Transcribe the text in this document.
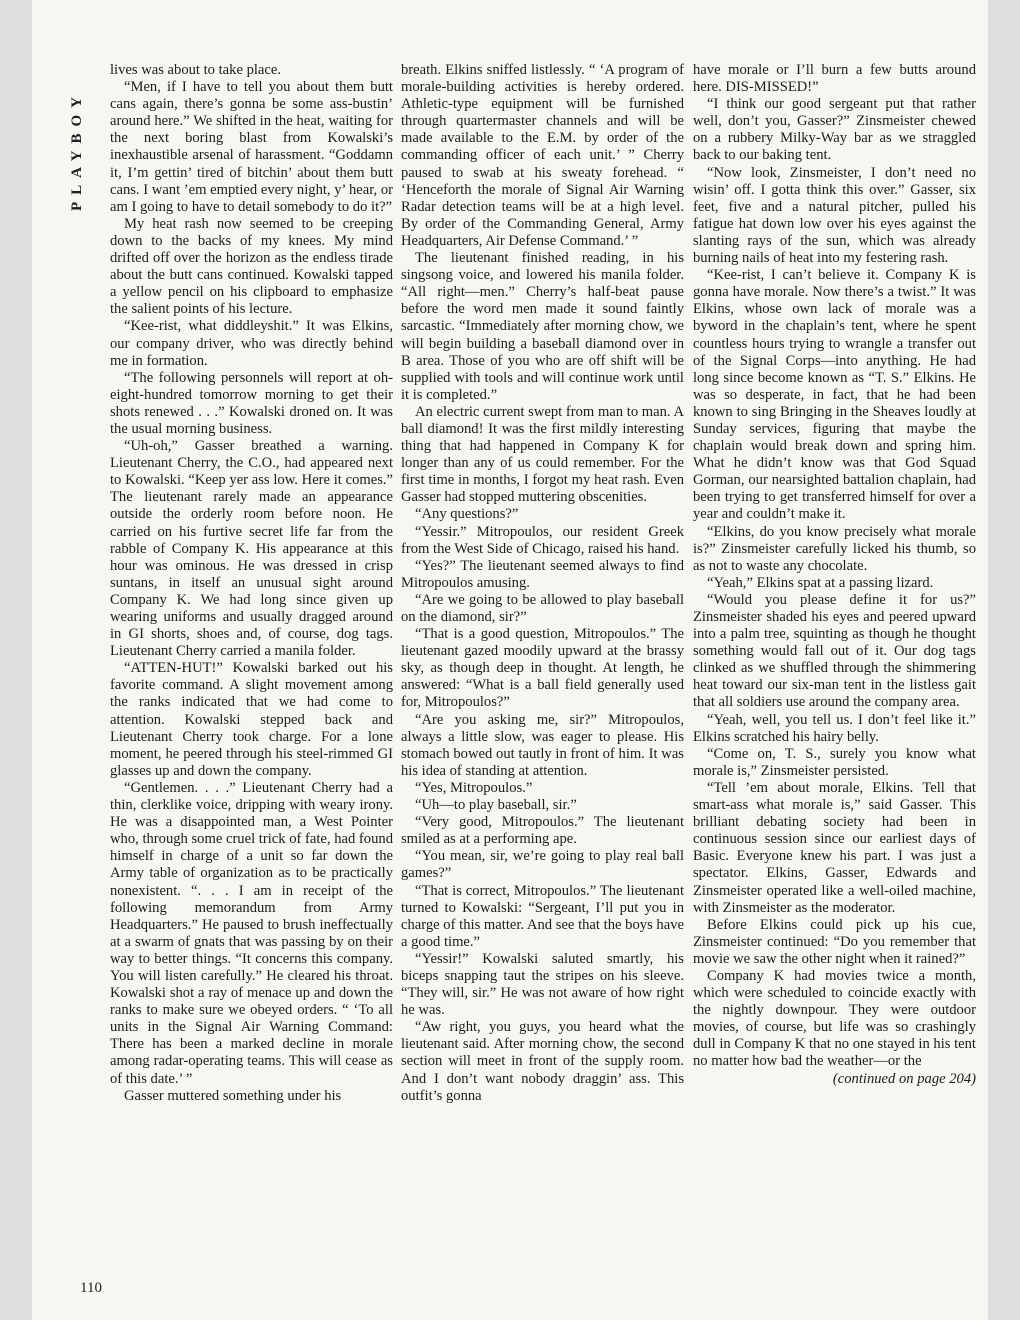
PLAYBOY

lives was about to take place.

“Men, if I have to tell you about them butt cans again, there’s gonna be some ass-bustin’ around here.” We shifted in the heat, waiting for the next boring blast from Kowalski’s inexhaustible arsenal of harassment. “Goddamn it, I’m gettin’ tired of bitchin’ about them butt cans. I want ’em emptied every night, y’ hear, or am I going to have to detail somebody to do it?”

My heat rash now seemed to be creeping down to the backs of my knees. My mind drifted off over the horizon as the endless tirade about the butt cans continued. Kowalski tapped a yellow pencil on his clipboard to emphasize the salient points of his lecture.

“Kee-rist, what diddleyshit.” It was Elkins, our company driver, who was directly behind me in formation.

“The following personnels will report at oh-eight-hundred tomorrow morning to get their shots renewed . . .” Kowalski droned on. It was the usual morning business.

“Uh-oh,” Gasser breathed a warning. Lieutenant Cherry, the C.O., had appeared next to Kowalski. “Keep yer ass low. Here it comes.” The lieutenant rarely made an appearance outside the orderly room before noon. He carried on his furtive secret life far from the rabble of Company K. His appearance at this hour was ominous. He was dressed in crisp suntans, in itself an unusual sight around Company K. We had long since given up wearing uniforms and usually dragged around in GI shorts, shoes and, of course, dog tags. Lieutenant Cherry carried a manila folder.

“ATTEN-HUT!” Kowalski barked out his favorite command. A slight movement among the ranks indicated that we had come to attention. Kowalski stepped back and Lieutenant Cherry took charge. For a lone moment, he peered through his steel-rimmed GI glasses up and down the company.

“Gentlemen. . . .” Lieutenant Cherry had a thin, clerklike voice, dripping with weary irony. He was a disappointed man, a West Pointer who, through some cruel trick of fate, had found himself in charge of a unit so far down the Army table of organization as to be practically nonexistent. “. . . I am in receipt of the following memorandum from Army Headquarters.” He paused to brush ineffectually at a swarm of gnats that was passing by on their way to better things. “It concerns this company. You will listen carefully.” He cleared his throat. Kowalski shot a ray of menace up and down the ranks to make sure we obeyed orders. “ ‘To all units in the Signal Air Warning Command: There has been a marked decline in morale among radar-operating teams. This will cease as of this date.’ ”

Gasser muttered something under his

breath. Elkins sniffed listlessly. “ ‘A program of morale-building activities is hereby ordered. Athletic-type equipment will be furnished through quartermaster channels and will be made available to the E.M. by order of the commanding officer of each unit.’ ” Cherry paused to swab at his sweaty forehead. “ ‘Henceforth the morale of Signal Air Warning Radar detection teams will be at a high level. By order of the Commanding General, Army Headquarters, Air Defense Command.’ ”

The lieutenant finished reading, in his singsong voice, and lowered his manila folder. “All right—men.” Cherry’s half-beat pause before the word men made it sound faintly sarcastic. “Immediately after morning chow, we will begin building a baseball diamond over in B area. Those of you who are off shift will be supplied with tools and will continue work until it is completed.”

An electric current swept from man to man. A ball diamond! It was the first mildly interesting thing that had happened in Company K for longer than any of us could remember. For the first time in months, I forgot my heat rash. Even Gasser had stopped muttering obscenities.

“Any questions?”

“Yessir.” Mitropoulos, our resident Greek from the West Side of Chicago, raised his hand.

“Yes?” The lieutenant seemed always to find Mitropoulos amusing.

“Are we going to be allowed to play baseball on the diamond, sir?”

“That is a good question, Mitropoulos.” The lieutenant gazed moodily upward at the brassy sky, as though deep in thought. At length, he answered: “What is a ball field generally used for, Mitropoulos?”

“Are you asking me, sir?” Mitropoulos, always a little slow, was eager to please. His stomach bowed out tautly in front of him. It was his idea of standing at attention.

“Yes, Mitropoulos.”

“Uh—to play baseball, sir.”

“Very good, Mitropoulos.” The lieutenant smiled as at a performing ape.

“You mean, sir, we’re going to play real ball games?”

“That is correct, Mitropoulos.” The lieutenant turned to Kowalski: “Sergeant, I’ll put you in charge of this matter. And see that the boys have a good time.”

“Yessir!” Kowalski saluted smartly, his biceps snapping taut the stripes on his sleeve. “They will, sir.” He was not aware of how right he was.

“Aw right, you guys, you heard what the lieutenant said. After morning chow, the second section will meet in front of the supply room. And I don’t want nobody draggin’ ass. This outfit’s gonna

have morale or I’ll burn a few butts around here. DIS-MISSED!”

“I think our good sergeant put that rather well, don’t you, Gasser?” Zinsmeister chewed on a rubbery Milky-Way bar as we straggled back to our baking tent.

“Now look, Zinsmeister, I don’t need no wisin’ off. I gotta think this over.” Gasser, six feet, five and a natural pitcher, pulled his fatigue hat down low over his eyes against the slanting rays of the sun, which was already burning nails of heat into my festering rash.

“Kee-rist, I can’t believe it. Company K is gonna have morale. Now there’s a twist.” It was Elkins, whose own lack of morale was a byword in the chaplain’s tent, where he spent countless hours trying to wrangle a transfer out of the Signal Corps—into anything. He had long since become known as “T. S.” Elkins. He was so desperate, in fact, that he had been known to sing Bringing in the Sheaves loudly at Sunday services, figuring that maybe the chaplain would break down and spring him. What he didn’t know was that God Squad Gorman, our nearsighted battalion chaplain, had been trying to get transferred himself for over a year and couldn’t make it.

“Elkins, do you know precisely what morale is?” Zinsmeister carefully licked his thumb, so as not to waste any chocolate.

“Yeah,” Elkins spat at a passing lizard.

“Would you please define it for us?” Zinsmeister shaded his eyes and peered upward into a palm tree, squinting as though he thought something would fall out of it. Our dog tags clinked as we shuffled through the shimmering heat toward our six-man tent in the listless gait that all soldiers use around the company area.

“Yeah, well, you tell us. I don’t feel like it.” Elkins scratched his hairy belly.

“Come on, T. S., surely you know what morale is,” Zinsmeister persisted.

“Tell ’em about morale, Elkins. Tell that smart-ass what morale is,” said Gasser. This brilliant debating society had been in continuous session since our earliest days of Basic. Everyone knew his part. I was just a spectator. Elkins, Gasser, Edwards and Zinsmeister operated like a well-oiled machine, with Zinsmeister as the moderator.

Before Elkins could pick up his cue, Zinsmeister continued: “Do you remember that movie we saw the other night when it rained?”

Company K had movies twice a month, which were scheduled to coincide exactly with the nightly downpour. They were outdoor movies, of course, but life was so crashingly dull in Company K that no one stayed in his tent no matter how bad the weather—or the

(continued on page 204)

110
